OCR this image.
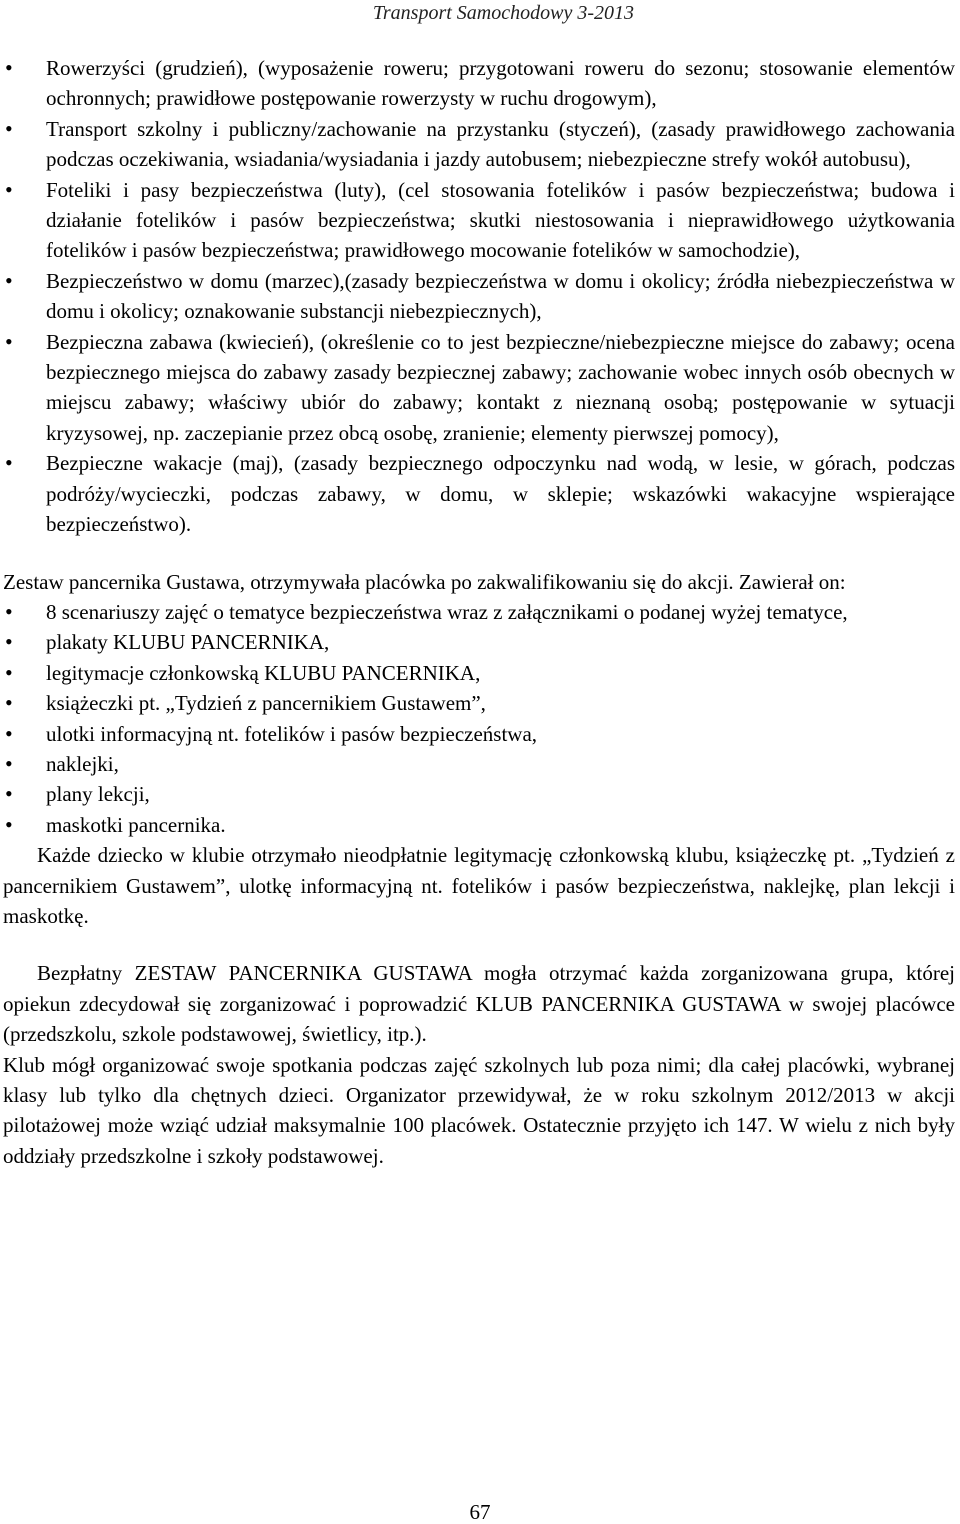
Transport Samochodowy 3-2013
• Rowerzyści (grudzień), (wyposażenie roweru; przygotowani roweru do sezonu; stosowanie elementów ochronnych; prawidłowe postępowanie rowerzysty w ruchu drogowym),
• Transport szkolny i publiczny/zachowanie na przystanku (styczeń), (zasady prawidłowego zachowania podczas oczekiwania, wsiadania/wysiadania i jazdy autobusem; niebezpieczne strefy wokół autobusu),
• Foteliki i pasy bezpieczeństwa (luty), (cel stosowania fotelików i pasów bezpieczeństwa; budowa i działanie fotelików i pasów bezpieczeństwa; skutki niestosowania i nieprawidłowego użytkowania fotelików i pasów bezpieczeństwa; prawidłowego mocowanie fotelików w samochodzie),
• Bezpieczeństwo w domu (marzec),(zasady bezpieczeństwa w domu i okolicy; źródła niebezpieczeństwa w domu i okolicy; oznakowanie substancji niebezpiecznych),
• Bezpieczna zabawa (kwiecień), (określenie co to jest bezpieczne/niebezpieczne miejsce do zabawy; ocena bezpiecznego miejsca do zabawy zasady bezpiecznej zabawy; zachowanie wobec innych osób obecnych w miejscu zabawy; właściwy ubiór do zabawy; kontakt z nieznaną osobą; postępowanie w sytuacji kryzysowej, np. zaczepianie przez obcą osobę, zranienie; elementy pierwszej pomocy),
• Bezpieczne wakacje (maj), (zasady bezpiecznego odpoczynku nad wodą, w lesie, w górach, podczas podróży/wycieczki, podczas zabawy, w domu, w sklepie; wskazówki wakacyjne wspierające bezpieczeństwo).

Zestaw pancernika Gustawa, otrzymywała placówka po zakwalifikowaniu się do akcji. Zawierał on:

• 8 scenariuszy zajęć o tematyce bezpieczeństwa wraz z załącznikami o podanej wyżej tematyce,
• plakaty KLUBU PANCERNIKA,
• legitymacje członkowską KLUBU PANCERNIKA,
• książeczki pt. „Tydzień z pancernikiem Gustawem”,
• ulotki informacyjną nt. fotelików i pasów bezpieczeństwa,
• naklejki,
• plany lekcji,
• maskotki pancernika.

Każde dziecko w klubie otrzymało nieodpłatnie legitymację członkowską klubu, książeczkę pt. „Tydzień z pancernikiem Gustawem”, ulotkę informacyjną nt. fotelików i pasów bezpieczeństwa, naklejkę, plan lekcji i maskotkę.

Bezpłatny ZESTAW PANCERNIKA GUSTAWA mogła otrzymać każda zorganizowana grupa, której opiekun zdecydował się zorganizować i poprowadzić KLUB PANCERNIKA GUSTAWA w swojej placówce (przedszkolu, szkole podstawowej, świetlicy, itp.).

Klub mógł organizować swoje spotkania podczas zajęć szkolnych lub poza nimi; dla całej placówki, wybranej klasy lub tylko dla chętnych dzieci. Organizator przewidywał, że w roku szkolnym 2012/2013 w akcji pilotażowej może wziąć udział maksymalnie 100 placówek. Ostatecznie przyjęto ich 147. W wielu z nich były oddziały przedszkolne i szkoły podstawowej.

67
